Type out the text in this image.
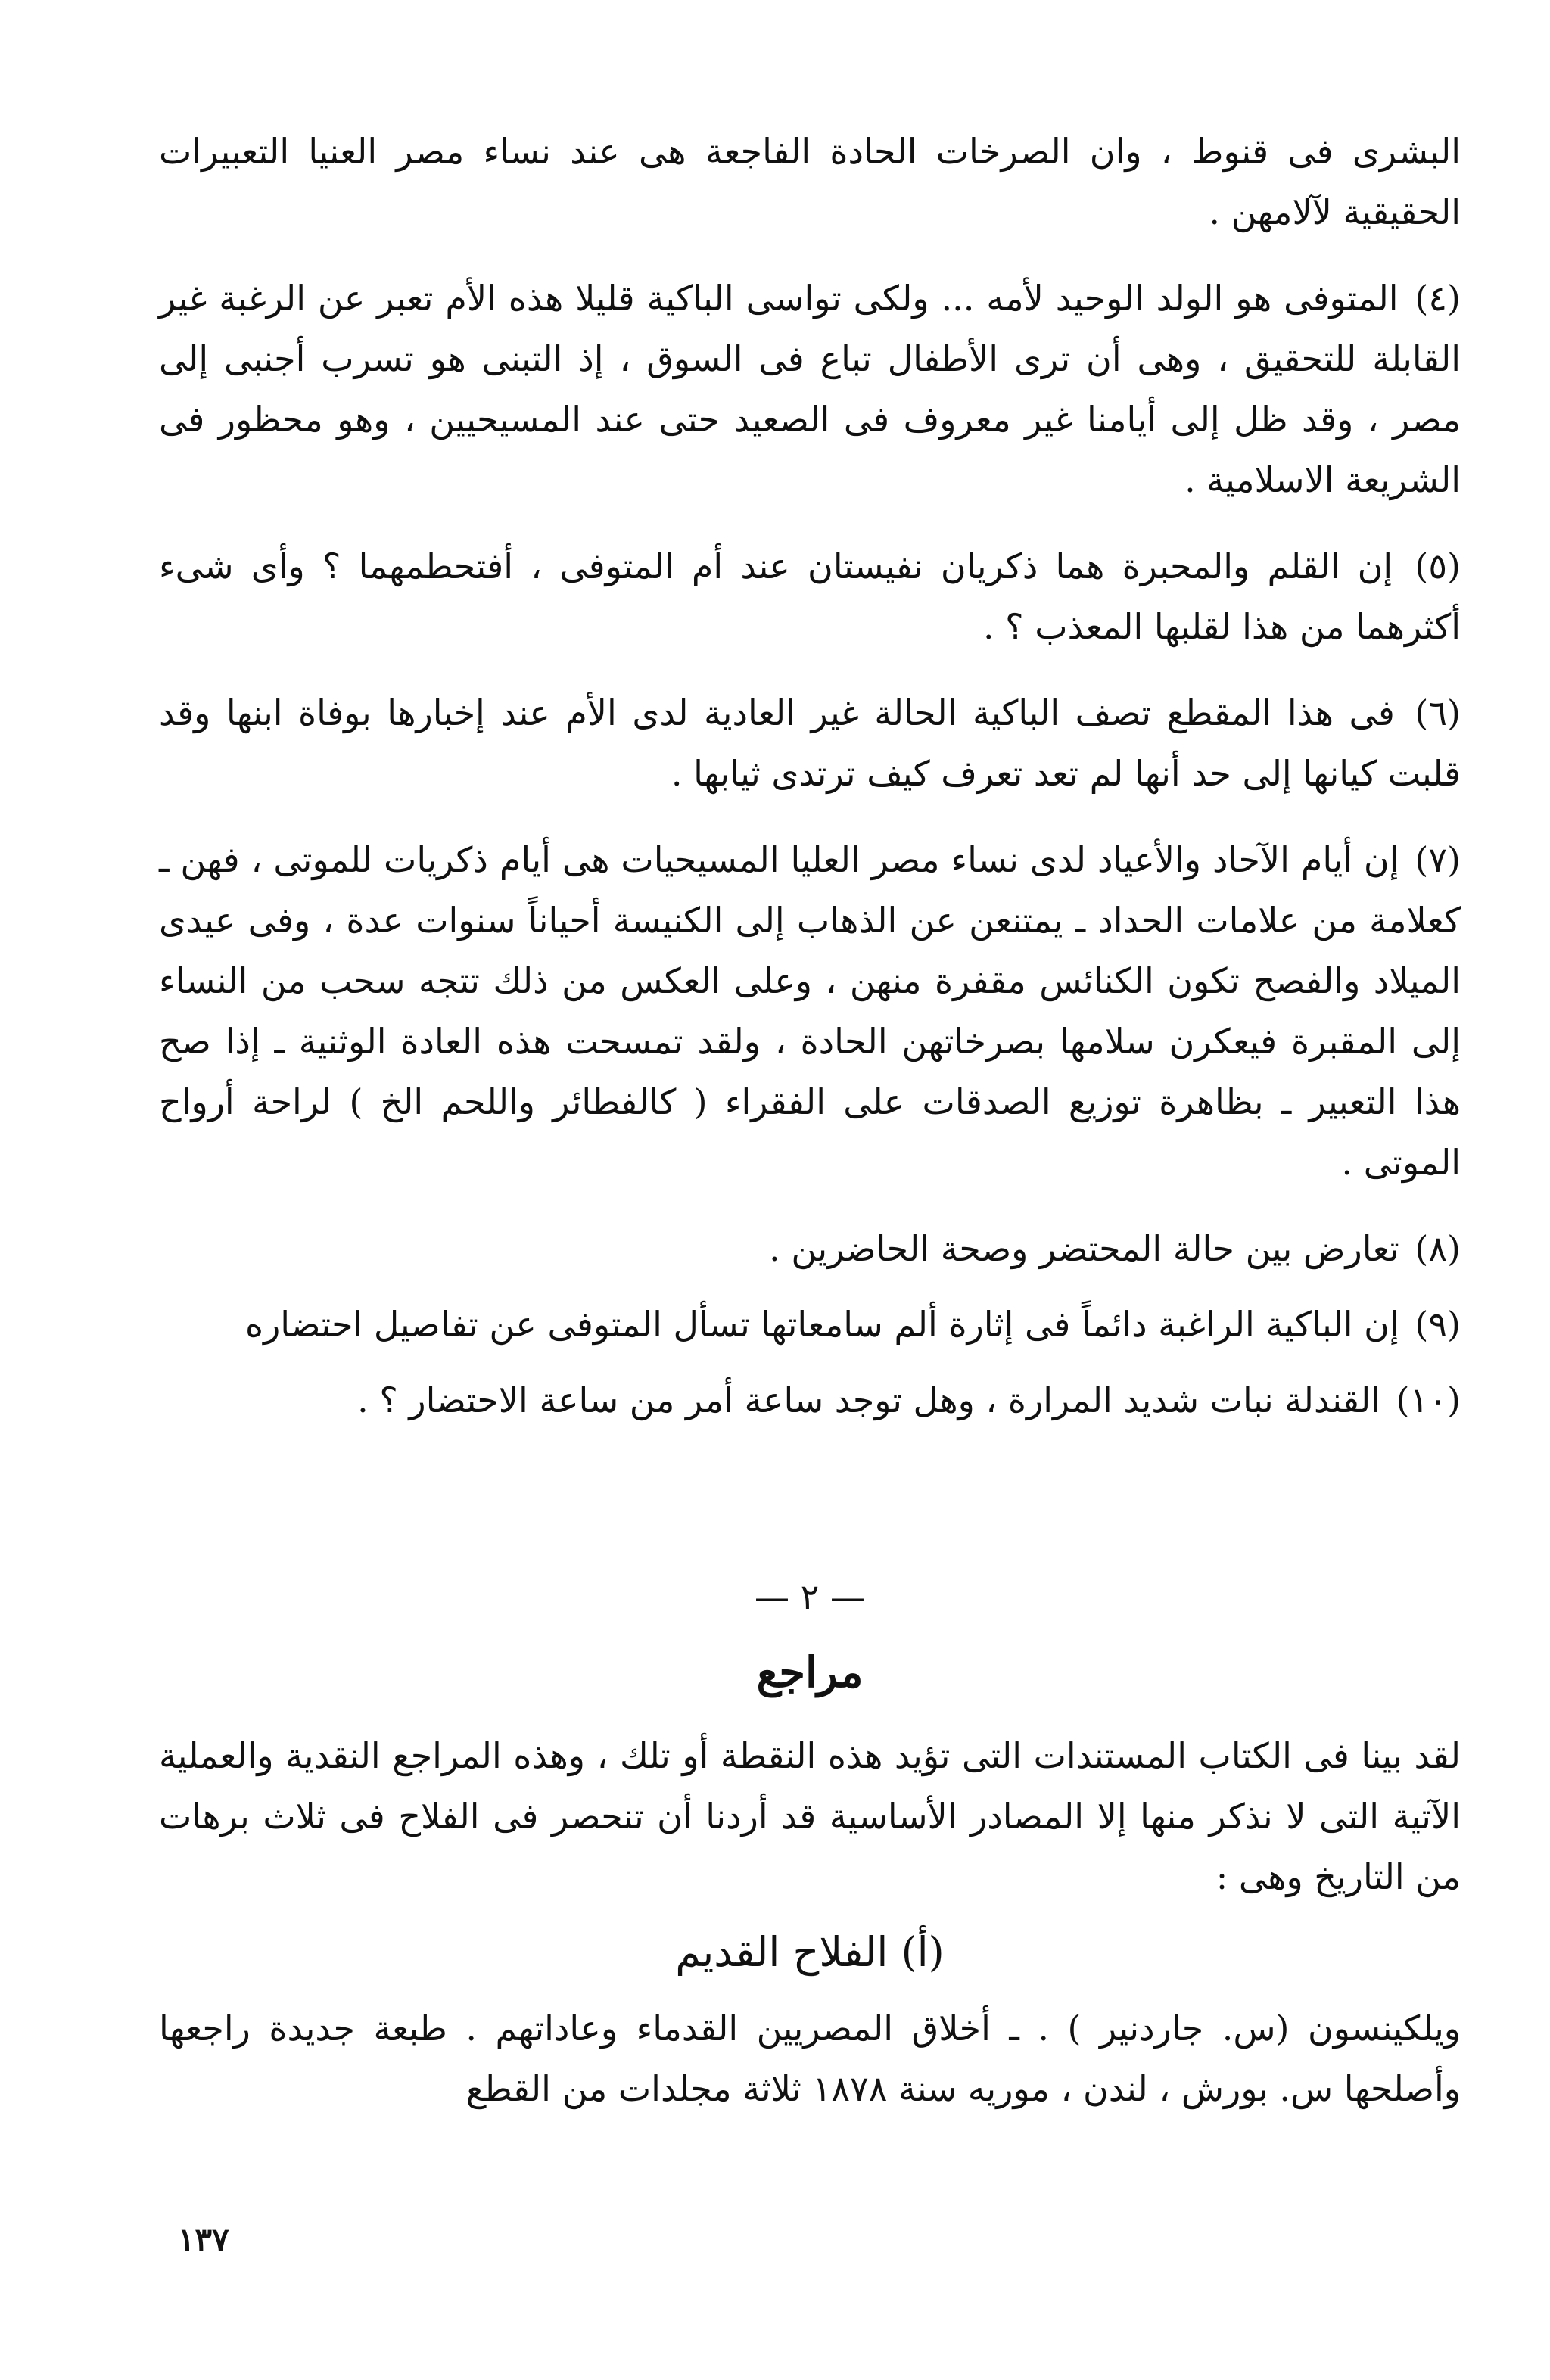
البشرى فى قنوط ، وان الصرخات الحادة الفاجعة هى عند نساء مصر العنيا التعبيرات الحقيقية لآلامهن .

(٤) المتوفى هو الولد الوحيد لأمه ... ولكى تواسى الباكية قليلا هذه الأم تعبر عن الرغبة غير القابلة للتحقيق ، وهى أن ترى الأطفال تباع فى السوق ، إذ التبنى هو تسرب أجنبى إلى مصر ، وقد ظل إلى أيامنا غير معروف فى الصعيد حتى عند المسيحيين ، وهو محظور فى الشريعة الاسلامية .

(٥) إن القلم والمحبرة هما ذكريان نفيستان عند أم المتوفى ، أفتحطمهما ؟ وأى شىء أكثرهما من هذا لقلبها المعذب ؟ .

(٦) فى هذا المقطع تصف الباكية الحالة غير العادية لدى الأم عند إخبارها بوفاة ابنها وقد قلبت كيانها إلى حد أنها لم تعد تعرف كيف ترتدى ثيابها .

(٧) إن أيام الآحاد والأعياد لدى نساء مصر العليا المسيحيات هى أيام ذكريات للموتى ، فهن ـ كعلامة من علامات الحداد ـ يمتنعن عن الذهاب إلى الكنيسة أحياناً سنوات عدة ، وفى عيدى الميلاد والفصح تكون الكنائس مقفرة منهن ، وعلى العكس من ذلك تتجه سحب من النساء إلى المقبرة فيعكرن سلامها بصرخاتهن الحادة ، ولقد تمسحت هذه العادة الوثنية ـ إذا صح هذا التعبير ـ بظاهرة توزيع الصدقات على الفقراء ( كالفطائر واللحم الخ ) لراحة أرواح الموتى .

(٨) تعارض بين حالة المحتضر وصحة الحاضرين .

(٩) إن الباكية الراغبة دائماً فى إثارة ألم سامعاتها تسأل المتوفى عن تفاصيل احتضاره

(١٠) القندلة نبات شديد المرارة ، وهل توجد ساعة أمر من ساعة الاحتضار ؟ .

— ٢ —
مراجع

لقد بينا فى الكتاب المستندات التى تؤيد هذه النقطة أو تلك ، وهذه المراجع النقدية والعملية الآتية التى لا نذكر منها إلا المصادر الأساسية قد أردنا أن تنحصر فى الفلاح فى ثلاث برهات من التاريخ وهى :

(أ) الفلاح القديم

ويلكينسون (س. جاردنير ) . ـ أخلاق المصريين القدماء وعاداتهم . طبعة جديدة راجعها وأصلحها س. بورش ، لندن ، موريه سنة ١٨٧٨ ثلاثة مجلدات من القطع

١٣٧
